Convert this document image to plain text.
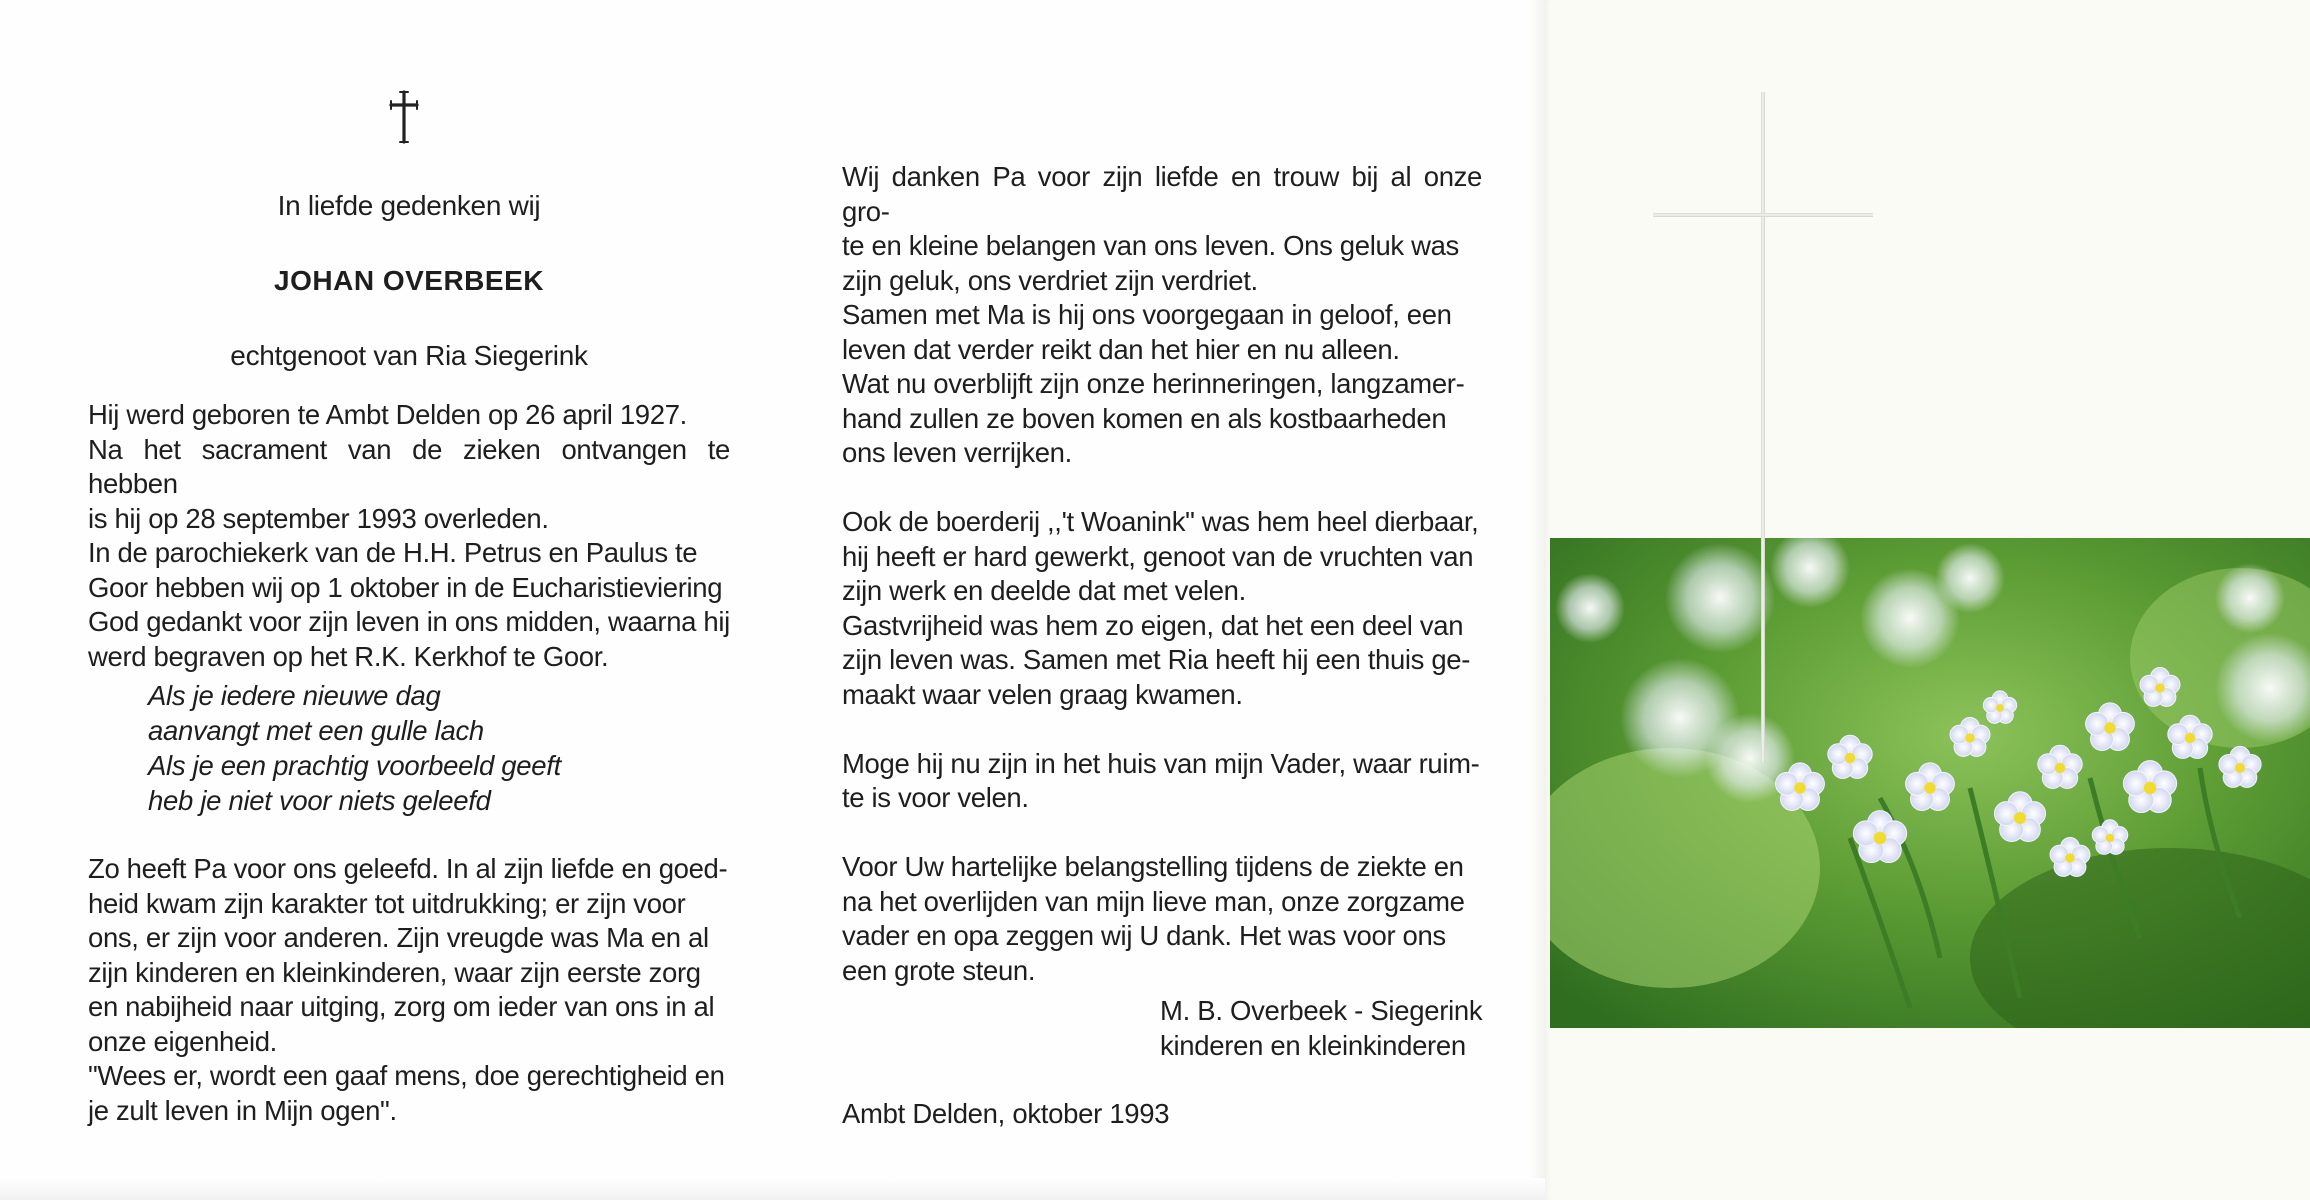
In liefde gedenken wij
JOHAN OVERBEEK
echtgenoot van Ria Siegerink

Hij werd geboren te Ambt Delden op 26 april 1927.

Na het sacrament van de zieken ontvangen te hebben

is hij op 28 september 1993 overleden.

In de parochiekerk van de H.H. Petrus en Paulus te

Goor hebben wij op 1 oktober in de Eucharistieviering

God gedankt voor zijn leven in ons midden, waarna hij

werd begraven op het R.K. Kerkhof te Goor.

Als je iedere nieuwe dag

aanvangt met een gulle lach

Als je een prachtig voorbeeld geeft

heb je niet voor niets geleefd

Zo heeft Pa voor ons geleefd. In al zijn liefde en goed-

heid kwam zijn karakter tot uitdrukking; er zijn voor

ons, er zijn voor anderen. Zijn vreugde was Ma en al

zijn kinderen en kleinkinderen, waar zijn eerste zorg

en nabijheid naar uitging, zorg om ieder van ons in al

onze eigenheid.

"Wees er, wordt een gaaf mens, doe gerechtigheid en

je zult leven in Mijn ogen".

Wij danken Pa voor zijn liefde en trouw bij al onze gro-

te en kleine belangen van ons leven. Ons geluk was

zijn geluk, ons verdriet zijn verdriet.

Samen met Ma is hij ons voorgegaan in geloof, een

leven dat verder reikt dan het hier en nu alleen.

Wat nu overblijft zijn onze herinneringen, langzamer-

hand zullen ze boven komen en als kostbaarheden

ons leven verrijken.

Ook de boerderij ,,'t Woanink" was hem heel dierbaar,

hij heeft er hard gewerkt, genoot van de vruchten van

zijn werk en deelde dat met velen.

Gastvrijheid was hem zo eigen, dat het een deel van

zijn leven was. Samen met Ria heeft hij een thuis ge-

maakt waar velen graag kwamen.

Moge hij nu zijn in het huis van mijn Vader, waar ruim-

te is voor velen.

Voor Uw hartelijke belangstelling tijdens de ziekte en

na het overlijden van mijn lieve man, onze zorgzame

vader en opa zeggen wij U dank. Het was voor ons

een grote steun.

M. B. Overbeek - Siegerink

kinderen en kleinkinderen

Ambt Delden, oktober 1993
